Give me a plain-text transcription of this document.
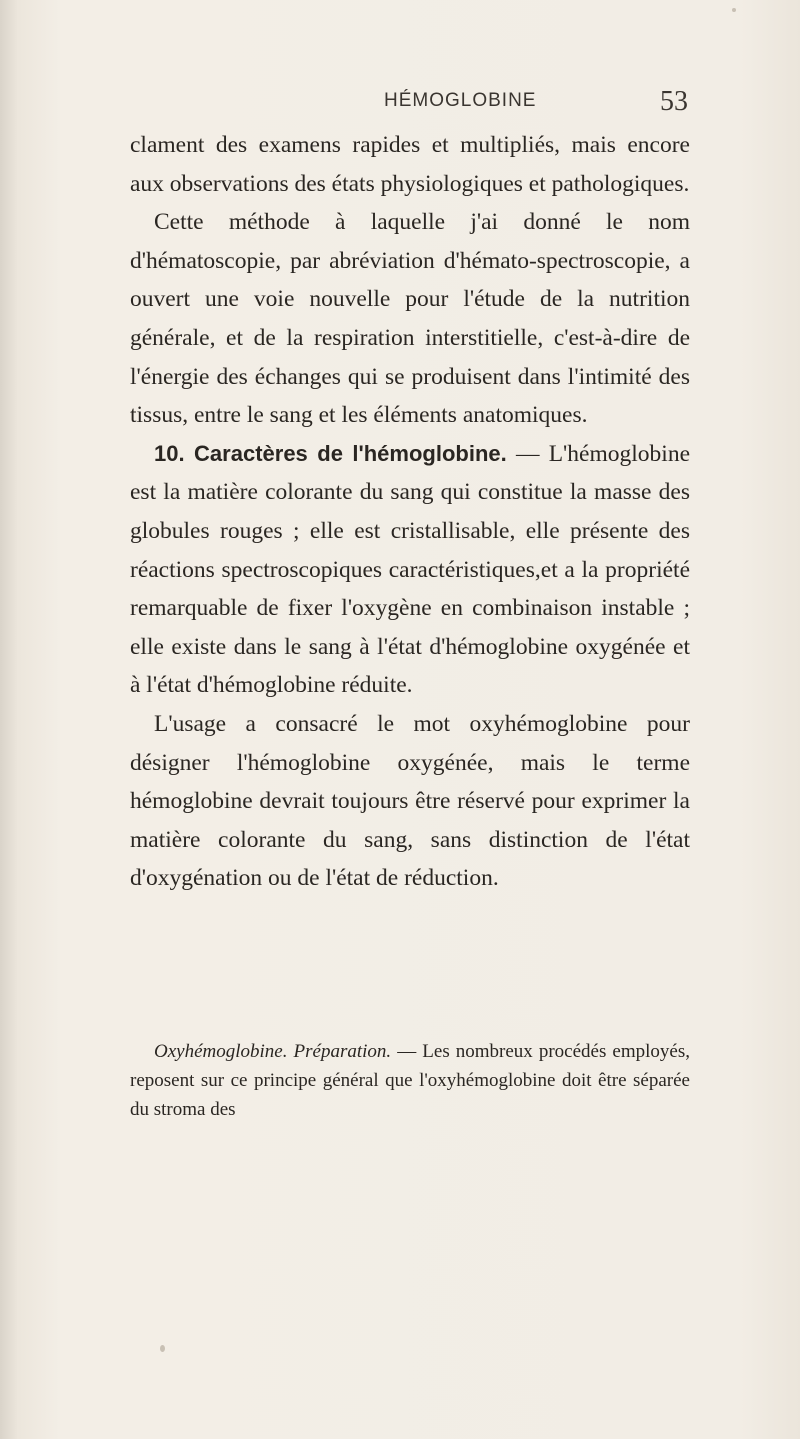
HÉMOGLOBINE	53

clament des examens rapides et multipliés, mais encore aux observations des états physiologiques et pathologiques.

Cette méthode à laquelle j'ai donné le nom d'hématoscopie, par abréviation d'hémato-spectroscopie, a ouvert une voie nouvelle pour l'étude de la nutrition générale, et de la respiration interstitielle, c'est-à-dire de l'énergie des échanges qui se produisent dans l'intimité des tissus, entre le sang et les éléments anatomiques.

10. Caractères de l'hémoglobine. — L'hémoglobine est la matière colorante du sang qui constitue la masse des globules rouges ; elle est cristallisable, elle présente des réactions spectroscopiques caractéristiques,et a la propriété remarquable de fixer l'oxygène en combinaison instable ; elle existe dans le sang à l'état d'hémoglobine oxygénée et à l'état d'hémoglobine réduite.

L'usage a consacré le mot oxyhémoglobine pour désigner l'hémoglobine oxygénée, mais le terme hémoglobine devrait toujours être réservé pour exprimer la matière colorante du sang, sans distinction de l'état d'oxygénation ou de l'état de réduction.

Oxyhémoglobine. Préparation. — Les nombreux procédés employés, reposent sur ce principe général que l'oxyhémoglobine doit être séparée du stroma des
